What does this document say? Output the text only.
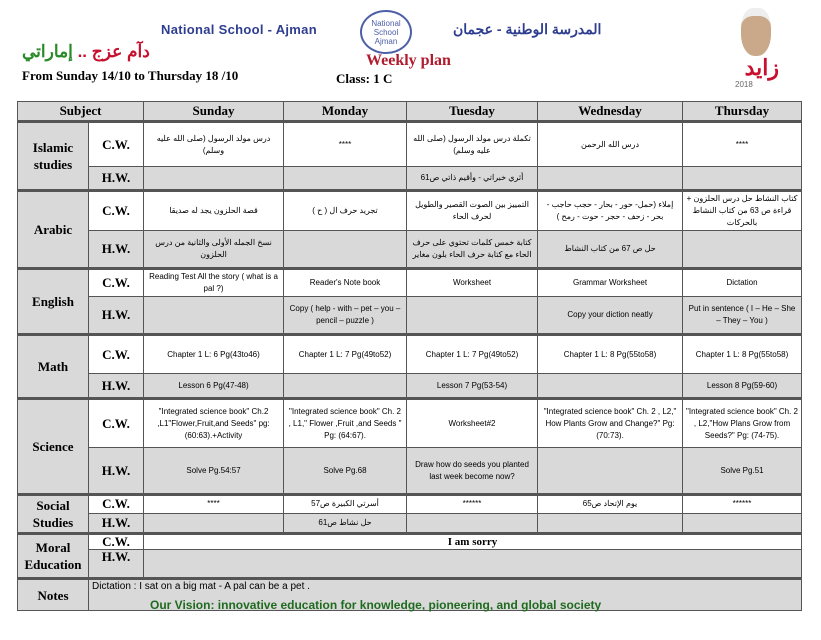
National School - Ajman	National School Ajman
المدرسة الوطنية - عجمان
دآم عزج .. إماراتي
From Sunday 14/10 to Thursday 18 /10
Weekly plan
Class: 1 C	زايد
2018
Subject		Sunday	Monday	Tuesday	Wednesday	Thursday
Islamic studies	C.W.	درس مولد الرسول (صلى الله عليه وسلم)	****	تكملة درس مولد الرسول (صلى الله عليه وسلم)	درس الله الرحمن	****
	H.W.			أثري خبراتي - وأقيم ذاتي ص61		
Arabic	C.W.	قصة الحلزون يجد له صديقا	تجريد حرف ال ( ح )	التمييز بين الصوت القصير والطويل لحرف الحاء	إملاء (حمل- حور - بحار - حجب حاجب - بحر - زحف - حجر - حوت - رمح )	كتاب النشاط حل درس الحلزون + قراءة ص 63 من كتاب النشاط بالحركات
	H.W.	نسخ الجمله الأولى والثانية من درس الحلزون		كتابة خمس كلمات تحتوي على حرف الحاء مع كتابة حرف الحاء بلون مغاير	حل ص 67 من كتاب النشاط	
English	C.W.	Reading Test All the story ( what is a pal ?)	Reader's Note book	Worksheet	Grammar Worksheet	Dictation
	H.W.		Copy ( help - with – pet – you – pencil – puzzle )		Copy your diction neatly	Put in sentence ( I – He – She – They – You )
Math	C.W.	Chapter 1 L: 6 Pg(43to46)	Chapter 1 L: 7 Pg(49to52)	Chapter 1 L: 7 Pg(49to52)	Chapter 1 L: 8 Pg(55to58)	Chapter 1 L: 8 Pg(55to58)
	H.W.	Lesson 6 Pg(47-48)		Lesson 7 Pg(53-54)		Lesson 8 Pg(59-60)
Science	C.W.	"Integrated science book" Ch.2 ,L1"Flower,Fruit,and Seeds" pg: (60:63).+Activity	"Integrated science book" Ch. 2 , L1," Flower ,Fruit ,and Seeds " Pg: (64:67).	Worksheet#2	"Integrated science book" Ch. 2 , L2," How Plants Grow and Change?" Pg: (70:73).	"Integrated science book" Ch. 2 , L2,"How Plans Grow from Seeds?" Pg: (74-75).
	H.W.	Solve Pg.54:57	Solve Pg.68	Draw how do seeds you planted last week become now?		Solve Pg.51
Social Studies	C.W.	****	أسرتي الكبيرة ص57	******	يوم الإتحاد ص65	******
	H.W.		حل نشاط ص61			
Moral Education	C.W.	I am sorry				
	H.W.					
Notes	Dictation : I sat on a big mat - A pal can be a pet .					
Our Vision: innovative education for knowledge, pioneering, and global society
